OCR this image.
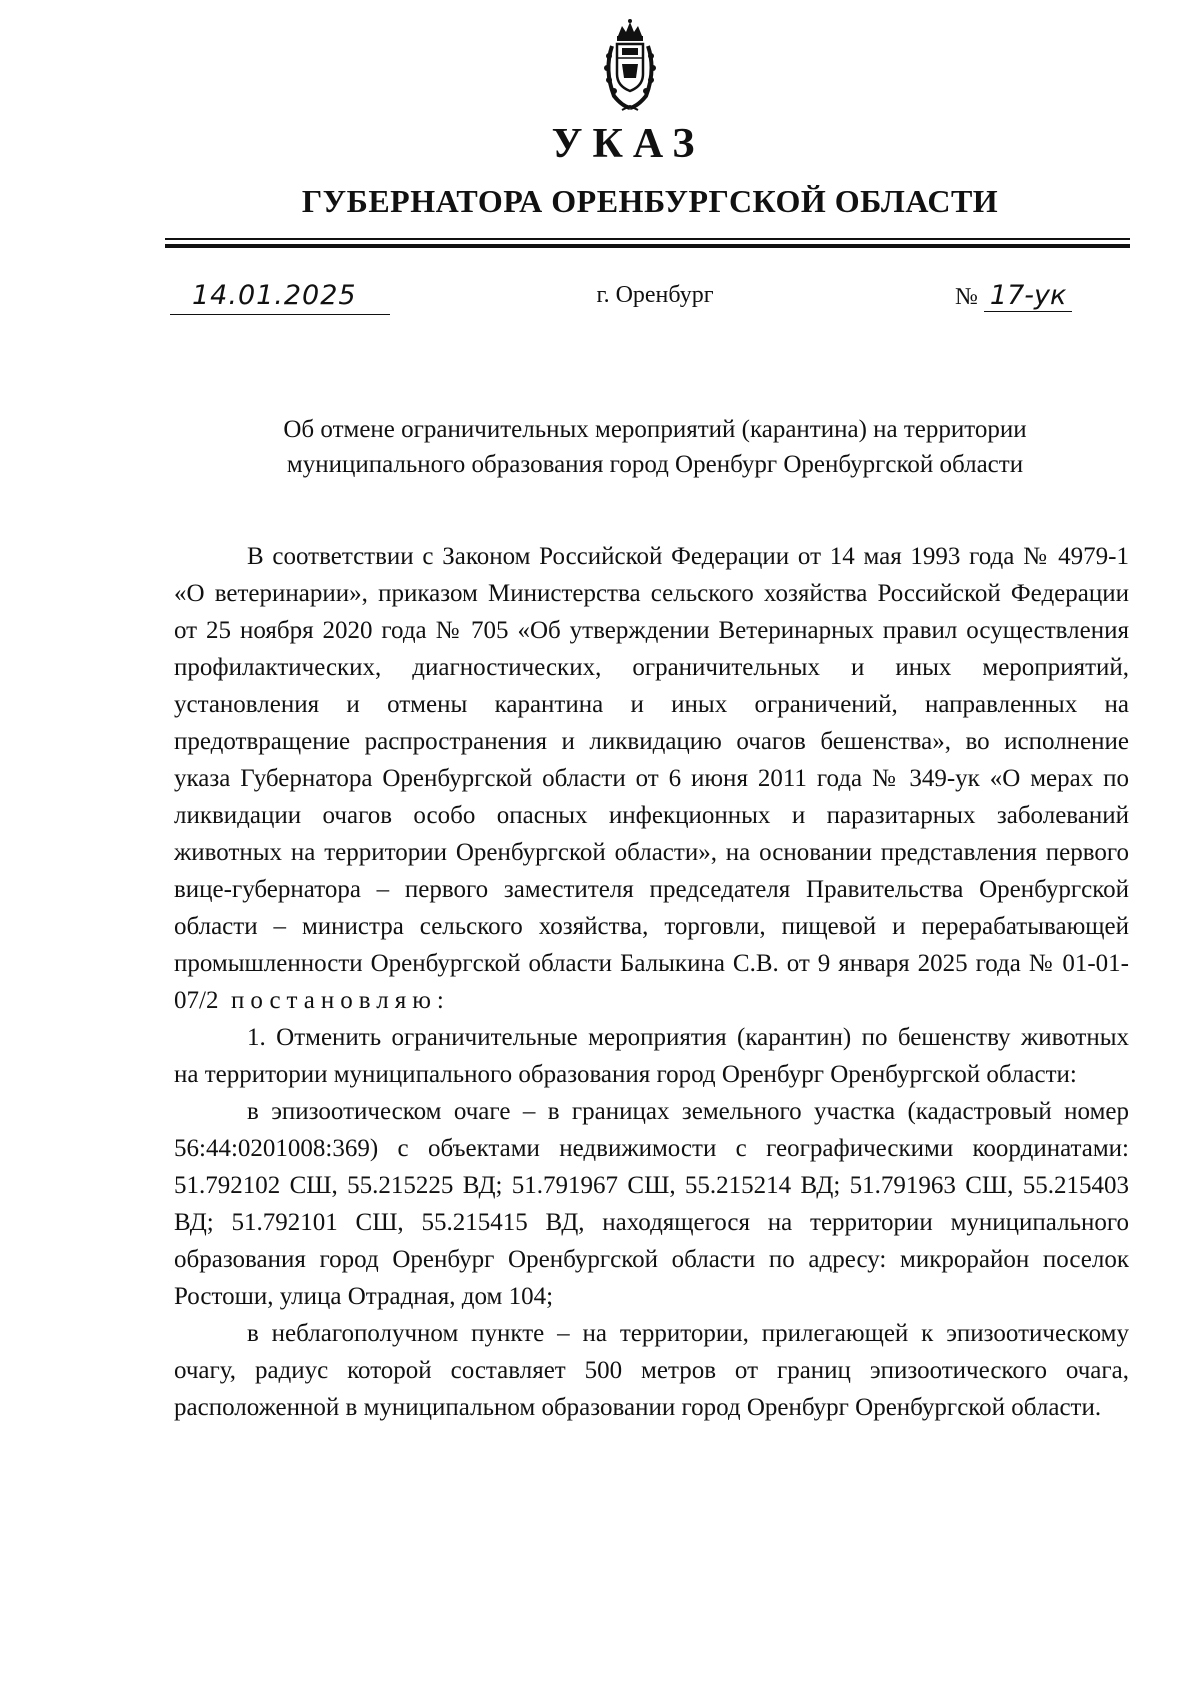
УКАЗ
ГУБЕРНАТОРА ОРЕНБУРГСКОЙ ОБЛАСТИ
14.01.2025	г. Оренбург	№ 17-ук
Об отмене ограничительных мероприятий (карантина) на территории
муниципального образования город Оренбург Оренбургской области

В соответствии с Законом Российской Федерации от 14 мая 1993 года № 4979-1 «О ветеринарии», приказом Министерства сельского хозяйства Российской Федерации от 25 ноября 2020 года № 705 «Об утверждении Ветеринарных правил осуществления профилактических, диагностических, ограничительных и иных мероприятий, установления и отмены карантина и иных ограничений, направленных на предотвращение распространения и ликвидацию очагов бешенства», во исполнение указа Губернатора Оренбургской области от 6 июня 2011 года № 349-ук «О мерах по ликвидации очагов особо опасных инфекционных и паразитарных заболеваний животных на территории Оренбургской области», на основании представления первого вице-губернатора – первого заместителя председателя Правительства Оренбургской области – министра сельского хозяйства, торговли, пищевой и перерабатывающей промышленности Оренбургской области Балыкина С.В. от 9 января 2025 года № 01-01-07/2 постановляю:

1. Отменить ограничительные мероприятия (карантин) по бешенству животных на территории муниципального образования город Оренбург Оренбургской области:

в эпизоотическом очаге – в границах земельного участка (кадастровый номер 56:44:0201008:369) с объектами недвижимости с географическими координатами: 51.792102 СШ, 55.215225 ВД; 51.791967 СШ, 55.215214 ВД; 51.791963 СШ, 55.215403 ВД; 51.792101 СШ, 55.215415 ВД, находящегося на территории муниципального образования город Оренбург Оренбургской области по адресу: микрорайон поселок Ростоши, улица Отрадная, дом 104;

в неблагополучном пункте – на территории, прилегающей к эпизоотическому очагу, радиус которой составляет 500 метров от границ эпизоотического очага, расположенной в муниципальном образовании город Оренбург Оренбургской области.
